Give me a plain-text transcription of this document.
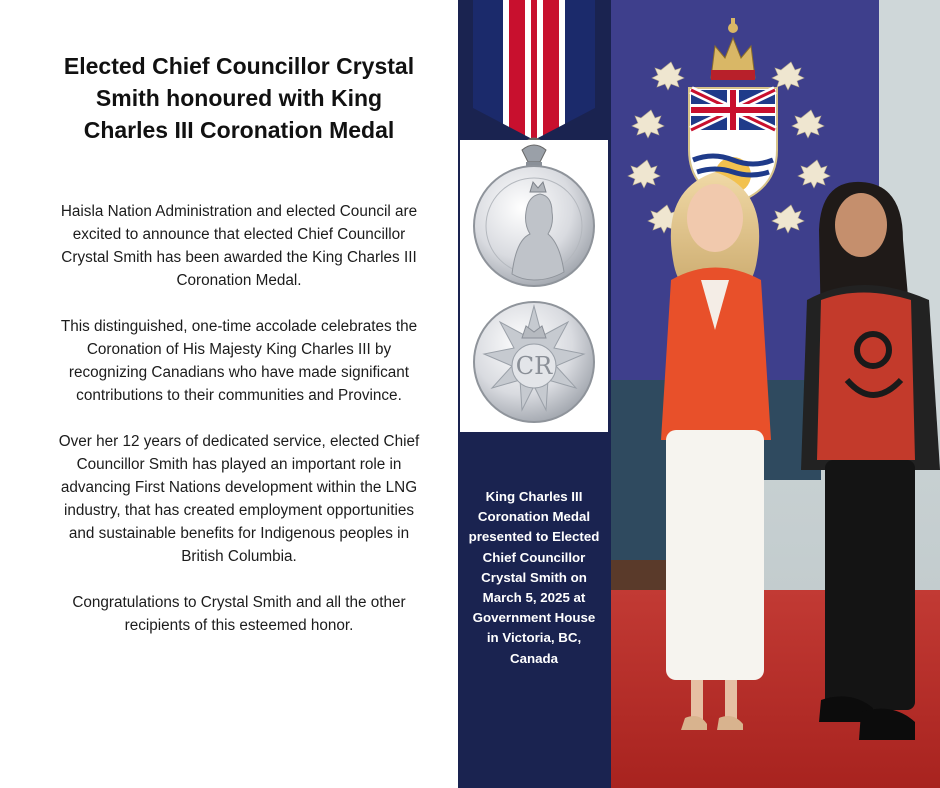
Elected Chief Councillor Crystal Smith honoured with King Charles III Coronation Medal

Haisla Nation Administration and elected Council are excited to announce that elected Chief Councillor Crystal Smith has been awarded the King Charles III Coronation Medal.

This distinguished, one-time accolade celebrates the Coronation of His Majesty King Charles III by recognizing Canadians who have made significant contributions to their communities and Province.

Over her 12 years of dedicated service, elected Chief Councillor Smith has played an important role in advancing First Nations development within the LNG industry, that has created employment opportunities and sustainable benefits for Indigenous peoples in British Columbia.

Congratulations to Crystal Smith and all the other recipients of this esteemed honor.

CR
King Charles III Coronation Medal presented to Elected Chief Councillor Crystal Smith on March 5, 2025 at Government House in Victoria, BC, Canada
